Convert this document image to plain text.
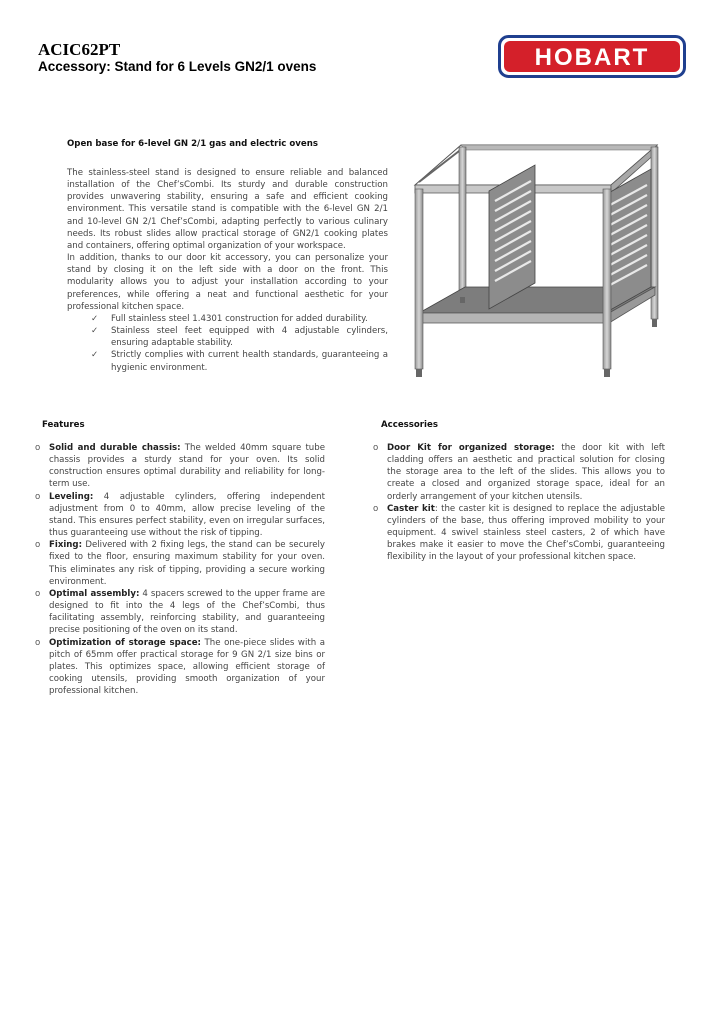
ACIC62PT
Accessory: Stand for 6 Levels GN2/1 ovens	HOBART
Open base for 6-level GN 2/1 gas and electric ovens

The stainless-steel stand is designed to ensure reliable and balanced installation of the Chef’sCombi. Its sturdy and durable construction provides unwavering stability, ensuring a safe and efficient cooking environment. This versatile stand is compatible with the 6-level GN 2/1 and 10-level GN 2/1 Chef’sCombi, adapting perfectly to various culinary needs. Its robust slides allow practical storage of GN2/1 cooking plates and containers, offering optimal organization of your workspace.

In addition, thanks to our door kit accessory, you can personalize your stand by closing it on the left side with a door on the front. This modularity allows you to adjust your installation according to your preferences, while offering a neat and functional aesthetic for your professional kitchen space.

✓ Full stainless steel 1.4301 construction for added durability.
✓ Stainless steel feet equipped with 4 adjustable cylinders, ensuring adaptable stability.
✓ Strictly complies with current health standards, guaranteeing a hygienic environment.
Features
o Solid and durable chassis: The welded 40mm square tube chassis provides a sturdy stand for your oven. Its solid construction ensures optimal durability and reliability for long-term use.
o Leveling: 4 adjustable cylinders, offering independent adjustment from 0 to 40mm, allow precise leveling of the stand. This ensures perfect stability, even on irregular surfaces, thus guaranteeing use without the risk of tipping.
o Fixing: Delivered with 2 fixing legs, the stand can be securely fixed to the floor, ensuring maximum stability for your oven. This eliminates any risk of tipping, providing a secure working environment.
o Optimal assembly: 4 spacers screwed to the upper frame are designed to fit into the 4 legs of the Chef’sCombi, thus facilitating assembly, reinforcing stability, and guaranteeing precise positioning of the oven on its stand.
o Optimization of storage space: The one-piece slides with a pitch of 65mm offer practical storage for 9 GN 2/1 size bins or plates. This optimizes space, allowing efficient storage of cooking utensils, providing smooth organization of your professional kitchen.
Accessories
o Door Kit for organized storage: the door kit with left cladding offers an aesthetic and practical solution for closing the storage area to the left of the slides. This allows you to create a closed and organized storage space, ideal for an orderly arrangement of your kitchen utensils.
o Caster kit: the caster kit is designed to replace the adjustable cylinders of the base, thus offering improved mobility to your equipment. 4 swivel stainless steel casters, 2 of which have brakes make it easier to move the Chef’sCombi, guaranteeing flexibility in the layout of your professional kitchen space.
